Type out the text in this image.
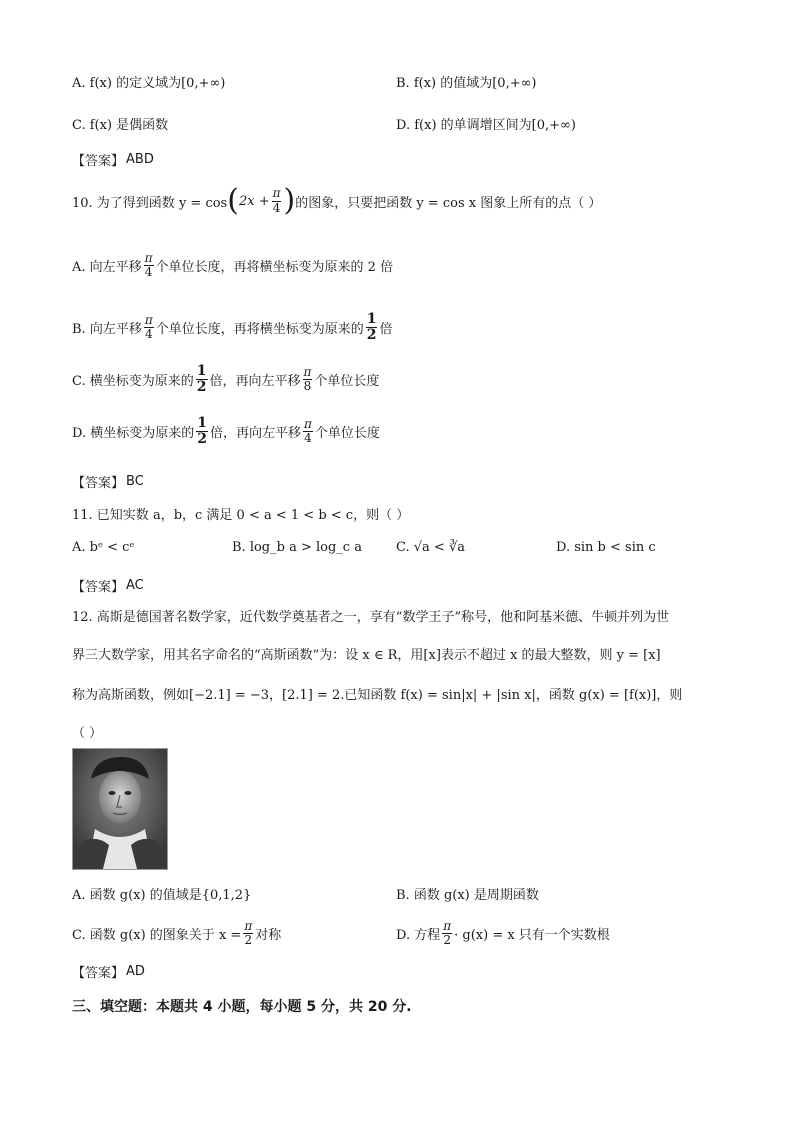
A. f(x) 的定义域为[0,+∞)	B. f(x) 的值域为[0,+∞)
C. f(x) 是偶函数	D. f(x) 的单调增区间为[0,+∞)
【答案】 ABD
10. 为了得到函数 y = cos ( $2x + \frac{\pi}{4}$ ) 的图象，只要把函数 y = cos x 图象上所有的点（ ）
A. 向左平移 $\frac{\pi}{4}$ 个单位长度，再将横坐标变为原来的 2 倍
B. 向左平移 $\frac{\pi}{4}$ 个单位长度，再将横坐标变为原来的 $\frac{1}{2}$ 倍
C. 横坐标变为原来的 $\frac{1}{2}$ 倍，再向左平移 $\frac{\pi}{8}$ 个单位长度
D. 横坐标变为原来的 $\frac{1}{2}$ 倍，再向左平移 $\frac{\pi}{4}$ 个单位长度
【答案】 BC
11. 已知实数 a，b，c 满足 0 < a < 1 < b < c，则（ ）
A. bᵉ < cᵉ	B. log_b a > log_c a	C. √a < ∛a	D. sin b < sin c
【答案】 AC
12. 高斯是德国著名数学家，近代数学奠基者之一，享有“数学王子”称号，他和阿基米德、牛顿并列为世
界三大数学家，用其名字命名的“高斯函数”为：设 x ∈ R，用[x]表示不超过 x 的最大整数，则 y = [x]
称为高斯函数，例如[−2.1] = −3，[2.1] = 2.已知函数 f(x) = sin|x| + |sin x|，函数 g(x) = [f(x)]，则
（ ）
A. 函数 g(x) 的值域是{0,1,2}	B. 函数 g(x) 是周期函数
C. 函数 g(x) 的图象关于 $x = \frac{\pi}{2}$ 对称	D. 方程 $\frac{\pi}{2} \cdot g(x) = x$ 只有一个实数根
【答案】 AD
三、填空题：本题共 4 小题，每小题 5 分，共 20 分.
